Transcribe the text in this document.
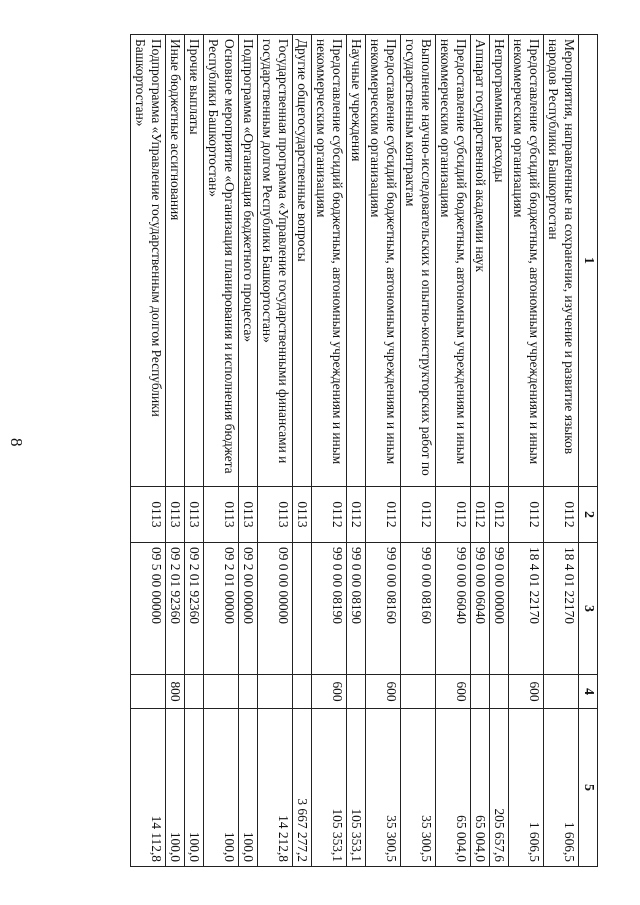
8
1	2	3	4	5
Мероприятия, направленные на сохранение, изучение и развитие языков народов Республики Башкортостан	0112	18 4 01 22170		1 606,5
Предоставление субсидий бюджетным, автономным учреждениям и иным некоммерческим организациям	0112	18 4 01 22170	600	1 606,5
Непрограммные расходы	0112	99 0 00 00000		205 657,6
Аппарат государственной академии наук	0112	99 0 00 06040		65 004,0
Предоставление субсидий бюджетным, автономным учреждениям и иным некоммерческим организациям	0112	99 0 00 06040	600	65 004,0
Выполнение научно-исследовательских и опытно-конструкторских работ по государственным контрактам	0112	99 0 00 08160		35 300,5
Предоставление субсидий бюджетным, автономным учреждениям и иным некоммерческим организациям	0112	99 0 00 08160	600	35 300,5
Научные учреждения	0112	99 0 00 08190		105 353,1
Предоставление субсидий бюджетным, автономным учреждениям и иным некоммерческим организациям	0112	99 0 00 08190	600	105 353,1
Другие общегосударственные вопросы	0113			3 667 277,2
Государственная программа «Управление государственными финансами и государственным долгом Республики Башкортостан»	0113	09 0 00 00000		14 212,8
Подпрограмма «Организация бюджетного процесса»	0113	09 2 00 00000		100,0
Основное мероприятие «Организация планирования и исполнения бюджета Республики Башкортостан»	0113	09 2 01 00000		100,0
Прочие выплаты	0113	09 2 01 92360		100,0
Иные бюджетные ассигнования	0113	09 2 01 92360	800	100,0
Подпрограмма «Управление государственным долгом Республики Башкортостан»	0113	09 5 00 00000		14 112,8
